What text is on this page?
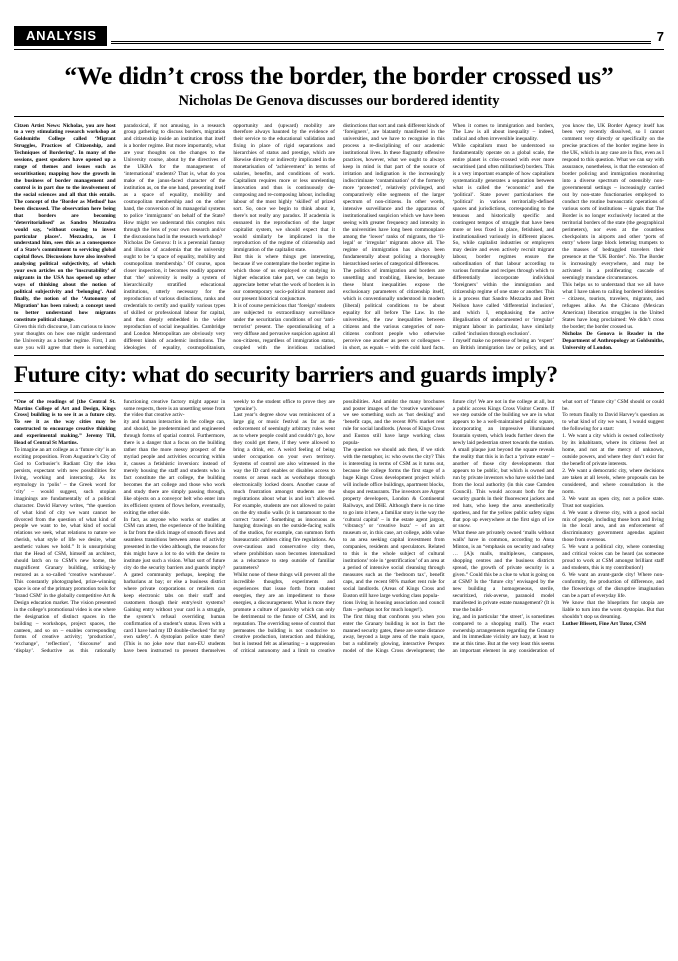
ANALYSIS	7
“We didn’t cross the border, the border crossed us”
Nicholas De Genova discusses our bordered identity

Citzen Artist News: Nicholas, you are host to a very stimulating research workshop at Goldsmiths College called ‘Migrant Struggles, Practices of Citizenship, and Techniques of Bordering’. In many of the sessions, guest speakers have opened up a range of themes and issues such as securitisation; mapping how the growth in the business of border management and control is in part due to the involvement of the social sciences and all that this entails. The concept of the ‘Border as Method’ has been discussed. The observation here being that borders are becoming ‘deterritorialised’ as Sandro Mezzadra would say, ‘without ceasing to invest particular places’. Mezzadra, as I understand him, sees this as a consequence of a State’s commitment to servicing global capital flows. Discussions have also involved analysing political subjectivity, of which your own articles on the ‘inscrutability’ of migrants in the USA has opened up other ways of thinking about the notion of political subjectivity and ‘belonging’. And finally, the notion of the ‘Autonomy of Migration’ has been raised; a concept used to better understand how migrants constitute political change.

Given this rich discourse, I am curious to know your thoughts on how one might understand the University as a border regime. First, I am sure you will agree that there is something paradoxical, if not amusing, in a research group gathering to discuss borders, migration and citizenship inside an institution that itself is a border regime. But more importantly, what are your thoughts on the changes to the University course, about by the directives of the UKBA for the management of ‘international’ students? That is, what do you make of the janus-faced character of the institution as, on the one hand, presenting itself as a space of equality, mobility and cosmopolitan membership and on the other hand, the conversion of its managerial systems to police ‘immigrants’ on behalf of the State? How might we understand this complex mix through the lens of your own research and/or the discussions had in the research workshop?

Nicholas De Genova: It is a perennial fantasy and illusion of academia that the university ought to be ‘a space of equality, mobility and cosmopolitan membership.’ Of course, upon closer inspection, it becomes readily apparent that ‘the’ university is really a system of hierarchically stratified educational institutions, utterly necessary for the reproduction of various distinctions, ranks and credentials to certify and qualify various types of skilled or professional labour for capital, and thus deeply embedded in the wider reproduction of social inequalities. Cambridge and London Metropolitan are obviously very different kinds of academic institutions. The ideologies of equality, cosmopolitanism, opportunity and (upward) mobility are therefore always haunted by the evidence of their service to the educational validation and fixing in place of rigid separations and hierarchies of status and prestige, which are likewise directly or indirectly implicated in the monetarisation of ‘achievement’ in terms of salaries, benefits, and conditions of work. Capitalism requires more or less unrelenting innovation and thus is continuously de-composing and re-composing labour, including labour of the most highly ‘skilled’ of prized sort. So, once we begin to think about it, there’s not really any paradox. If academia is ensnared in the reproduction of the larger capitalist system, we should expect that it would similarly be implicated in the reproduction of the regime of citizenship and immigration of the capitalist state.

But this is where things get interesting, because if we contemplate the border regime in which those of us employed or studying in higher education take part, we can begin to appreciate better what the work of borders is in our contemporary socio-political moment and our present historical conjuncture.

It is of course pernicious that ‘foreign’ students are subjected to extraordinary surveillance under the securitarian conditions of our ‘anti-terrorist’ present. The operationalising of a very diffuse and pervasive suspicion against all non-citizens, regardless of immigration status, coupled with the invidious racialised distinctions that sort and rank different kinds of ‘foreigners’, are blatantly manifested in the universities, and we have to recognise in this process a re-disciplining of our academic institutional lives. In these flagrantly offensive practices, however, what we ought to always keep in mind is that part of the source of irritation and indignation is the increasingly indiscriminate ‘contamination’ of the formerly more ‘protected’, relatively privileged, and comparatively elite segments of the larger spectrum of non-citizens. In other words, intensive surveillance and the apparatus of institutionalised suspicion which we have been seeing with greater frequency and intensity in the universities have long been commonplace among the ‘lower’ ranks of migrants, the ‘il-legal’ or ‘irregular’ migrants above all. The regime of immigration has always been fundamentally about policing a thoroughly hierarchised series of categorical differences.

The politics of immigration and borders are unsettling and troubling, likewise, because these blunt inequalities expose the exclusionary parameters of citizenship itself, which is conventionally understood in modern (liberal) political conditions to be about equality for all before The Law. In the universities, the raw inequalities between citizens and the various categories of non-citizens confront people who otherwise perceive one another as peers or colleagues – in short, as equals – with the cold hard facts. When it comes to immigration and borders, The Law is all about inequality – indeed, radical and often irreversible inequality.

While capitalism must be understood so fundamentally operate on a global scale, the entire planet is criss-crossed with ever more securitised (and often militarised) borders. This is a very important example of how capitalism systematically generates a separation between what is called the ‘economic’ and the ‘political’. State power particularises the ‘political’ in various territorially-defined spaces and jurisdictions, corresponding to the tenuous and historically specific and contingent tempos of struggle that have been more or less fixed in place, fetishised, and institutionalised variously in different places. So, while capitalist industries or employers may desire and even actively recruit migrant labour, border regimes ensure the subordination of that labour according to various formulae and recipes through which to differentially incorporate individual ‘foreigners’ within the immigration and citizenship regime of one state or another. This is a process that Sandro Mezzadra and Brett Neilson have called ‘differential inclusion’, and which I, emphasising the active illegalisation of undocumented or ‘irregular’ migrant labour in particular, have similarly called ‘inclusion through exclusion’.

I myself make no pretense of being an ‘expert’ on British immigration law or policy, and as you know the, UK Border Agency itself has been very recently dissolved, so I cannot comment very directly or specifically on the precise practices of the border regime here in the UK, which in any case are in flux, even as I respond to this question. What we can say with assurance, nonetheless, is that the extension of border policing and immigration monitoring into a diverse spectrum of ostensibly non-governmental settings – increasingly carried out by non-state functionaries employed to conduct the routine bureaucratic operations of various sorts of institutions – signals that The Border is no longer exclusively located at the territorial borders of the state (the geographical perimeters), nor even at the countless checkpoints in airports and other ‘ports of entry’ where large block lettering trumpets to the masses of bedraggled travelers their presence at the ‘UK Border’. No. The Border is increasingly everywhere, and may be activated in a proliferating cascade of seemingly mundane circumstances.

This helps us to understand that we all have what I have taken to calling bordered identities – citizens, tourists, travelers, migrants, and refugees alike. As the Chicano (Mexican American) liberation struggles in the United States have long proclaimed: We didn’t cross the border; the border crossed us.

Nicholas De Genova is Reader in the Department of Anthropology at Goldsmiths, University of London.

Future city: what do security barriers and guards imply?

“One of the readings of [the Central St. Martins College of Art and Design, Kings Cross] building is to see it as a future city. To see it as the way cities may be constructed to encourage creative thinking and experimental making.” Jeremy Till, Head of Central St Martins.

To imagine an art college as a ‘future city’ is an exciting proposition. From Augustine’s City of God to Corbusier’s Radiant City the idea persists, expectant with new possibilities for living, working and interacting. As its etymology in ‘polis’ – the Greek word for ‘city’ – would suggest, such utopian imaginings are fundamentally of a political character. David Harvey writes, “the question of what kind of city we want cannot be divorced from the question of what kind of people we want to be, what kind of social relations we seek, what relations to nature we cherish, what style of life we desire, what aesthetic values we hold.” It is unsurprising that the Head of CSM, himself an architect, should latch on to CSM’s new home, the magnificent Granary building, striking-ly restored as a so-called ‘creative warehouse’. This constantly photographed, prize-winning space is one of the primary promotion tools for ‘brand CSM’ in the globally competitive Art & Design education market. The vision presented in the college’s promotional video is one where the designation of distinct spaces in the building – workshops, project spaces, the canteen, and so on – enables corresponding forms of creative activity; ‘production’, ‘exchange’, ‘reflection’, ‘discourse’ and ‘display’. Seductive as this rationally functioning creative factory might appear in some respects, there is an unsettling sense from the video that creative activ-

ity and human interaction in the college can, and should, be predetermined and engineered through forms of spatial control. Furthermore, there is a danger that a focus on the building rather than the more messy prospect of the myriad people and activities occurring within it, causes a fetishistic inversion: instead of merely housing the staff and students who in fact constitute the art college, the building becomes the art college and those who work and study there are simply passing through, like objects on a conveyor belt who enter into its efficient system of flows before, eventually, exiting the other side.

In fact, as anyone who works or studies at CSM can attest, the experience of the building is far from the slick image of smooth flows and seamless transitions between areas of activity presented in the video although, the reasons for this might have a lot to do with the desire to institute just such a vision. What sort of future city do the security barriers and guards imply? A gated community perhaps, keeping the barbarians at bay; or else a business district where private corporations or retailers can keep electronic tabs on their staff and customers though their entry/exit systems? Gaining entry without your card is a struggle, the system’s refusal overriding human confirmation of a student’s status. Even with a card I have had my ID double-checked ‘for my own safety’. A dystopian police state then? (This is no joke now that non-EU students have been instructed to present themselves weekly to the student office to prove they are ‘genuine’).

Last year’s degree show was reminiscent of a large gig or music festival as far as the enforcement of seemingly arbitrary rules went as to where people could and couldn’t go, how they could get there, if they were allowed to bring a drink, etc. A weird feeling of being under occupation on your own territory. Systems of control are also witnessed in the way the ID card enables or disables access to rooms or areas such as workshops through electronically locked doors. Another cause of much frustration amongst students are the registrations about what is and isn’t allowed. For example, students are not allowed to paint on the dry studio walls (it is tantamount to the correct ‘zones’. Something as innocuous as hanging drawings on the outside-facing walls of the studios, for example, can summon forth bureaucratic arbiters citing fire regulations. An over-cautious and conservative city then, where prohibition soon becomes internalized as a reluctance to step outside of familiar parameters?

Whilst none of these things will prevent all the incredible thoughts, experiments and experiences that issue forth from student energies, they are an impediment to those energies, a discouragement. What is more they promote a culture of passivity which can only be detrimental to the future of CSM, and its reputation. The overriding sense of control that permeates the building is not conducive to creative production, interaction and thinking, but is instead felt as alienating – a suppression of critical autonomy and a limit to creative possibilities. And amidst the many brochures and poster images of the ‘creative warehouse’ we see something such as ‘hot desking’ and ‘benefit caps, and the recent 80% market rent rule for social landlords. (Areas of Kings Cross and Euston still have large working class popula-

The question we should ask then, if we stick with the metaphor, is: who owns the city? This is interesting in terms of CSM as it turns out, because the college forms the first stage of a huge Kings Cross development project which will include office buildings, apartment blocks, shops and restaurants. The investors are Argent property developers, London & Continental Railways, and DHE. Although there is no time to go into it here, a familiar story is the way the ‘cultural capital’ – in the estate agent jargon, ‘vibrancy’ or ‘creative buzz’ – of an art museum or, in this case, art college, adds value to an area seeking capital investment from companies, residents and speculators. Related to this is the whole subject of cultural institutions’ role in ‘gentrification’ of an area at a period of intensive social cleansing through measures such as the ‘bedroom tax’, benefit caps, and the recent 80% market rent rule for social landlords. (Areas of Kings Cross and Euston still have large working class popula-

tions living in housing association and council flats – perhaps not for much longer!).

The first thing that confronts you when you enter the Granary building is not in fact the manned security gates, these are some distance away, beyond a large area of the main space, but a sublimely glowing, interactive Perspex model of the Kings Cross development; the future city! We are not in the college at all, but a public access Kings Cross Visitor Centre. If we step outside of the building we are in what appears to be a well-maintained public square, incorporating an impressive illuminated fountain system, which leads further down the newly laid pedestrian street towards the station. A small plaque just beyond the square reveals the reality that this is in fact a ‘private estate’ – another of those city developments that appears to be public, but which is owned and run by private investors who have sold the land from the local authority (in this case Camden Council). This would account both for the security guards in their fluorescent jackets and red hats, who keep the area anesthetically spotless, and for the yellow public safety signs that pop up everywhere at the first sign of ice or snow.

What these are privately owned ‘malls without walls’ have in common, according to Anna Minton, is an “emphasis on security and safety … [A]s malls, multiplexes, campuses, shopping centres and the business districts spread, the growth of private security is a given.” Could this be a clue to what is going on at CSM? Is the ‘future city’ envisaged by the new building a homogeneous, sterile, securitized, risk-averse, paranoid model manifested in private estate management? (It is true the build-

ing, and in particular ‘the street’, is sometimes compared to a shopping mall). The exact ownership arrangements regarding the Granary and its immediate vicinity are hazy, at least to me at this time. But at the very least this seems an important element in any consideration of what sort of ‘future city’ CSM should or could be.

To return finally to David Harvey’s question as to what kind of city we want, I would suggest the following for a start:

1. We want a city which is owned collectively by its inhabitants, where its citizens feel at home, and not at the mercy of unknown, outside powers, and where they don’t exist for the benefit of private interests.

2. We want a democratic city, where decisions are taken at all levels, where proposals can be considered, and where consultation is the norm.

3. We want an open city, not a police state. Trust not suspicion.

4. We want a diverse city, with a good social mix of people, including those born and living in the local area, and an enforcement of discriminatory government agendas against those from overseas.

5. We want a political city, where contesting and critical voices can be heard (as someone proud to work at CSM amongst brilliant staff and students, this is my contribution!)

6. We want an avant-garde city! Where non-conformity, the production of difference, and the flowerings of the disruptive imagination can be a part of everyday life.

We know that the blueprints for utopia are liable to turn into the worst dystopias. But that shouldn’t stop us dreaming.

Luther Blissett, Fine Art Tutor, CSM
